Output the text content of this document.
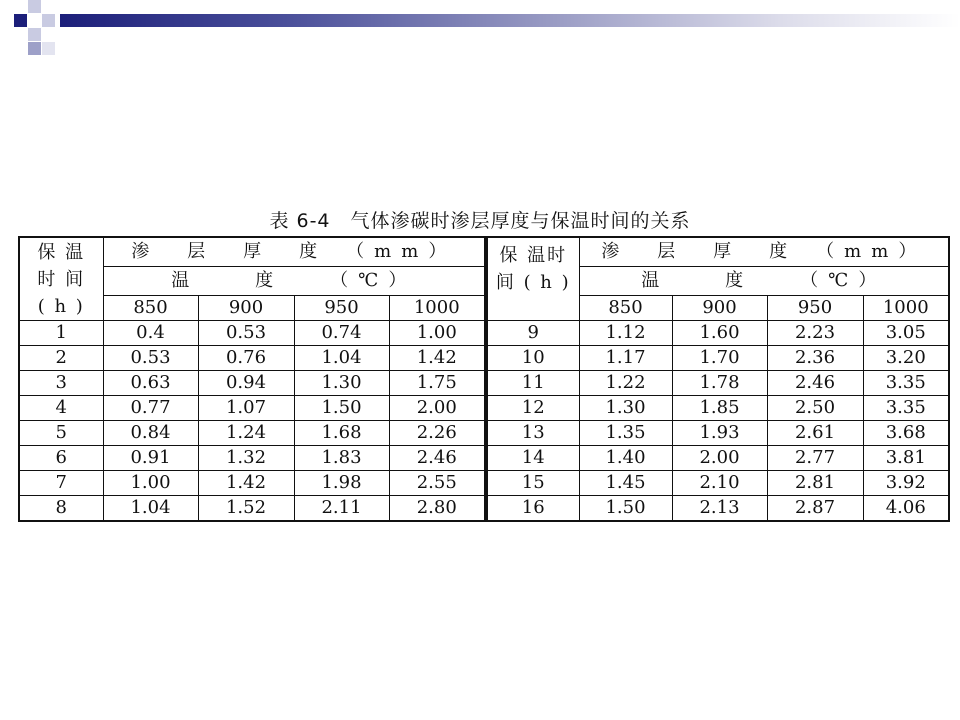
表 6-4　气体渗碳时渗层厚度与保温时间的关系
保 温
时 间
( h )	渗　层　厚　度　（mm）			
	温　　度　　（℃）			
	850	900	950	1000
1	0.4	0.53	0.74	1.00
2	0.53	0.76	1.04	1.42
3	0.63	0.94	1.30	1.75
4	0.77	1.07	1.50	2.00
5	0.84	1.24	1.68	2.26
6	0.91	1.32	1.83	2.46
7	1.00	1.42	1.98	2.55
8	1.04	1.52	2.11	2.80
保 温时
间 ( h )	渗　层　厚　度　（mm）			
	温　　度　　（℃）			
	850	900	950	1000
9	1.12	1.60	2.23	3.05
10	1.17	1.70	2.36	3.20
11	1.22	1.78	2.46	3.35
12	1.30	1.85	2.50	3.35
13	1.35	1.93	2.61	3.68
14	1.40	2.00	2.77	3.81
15	1.45	2.10	2.81	3.92
16	1.50	2.13	2.87	4.06
